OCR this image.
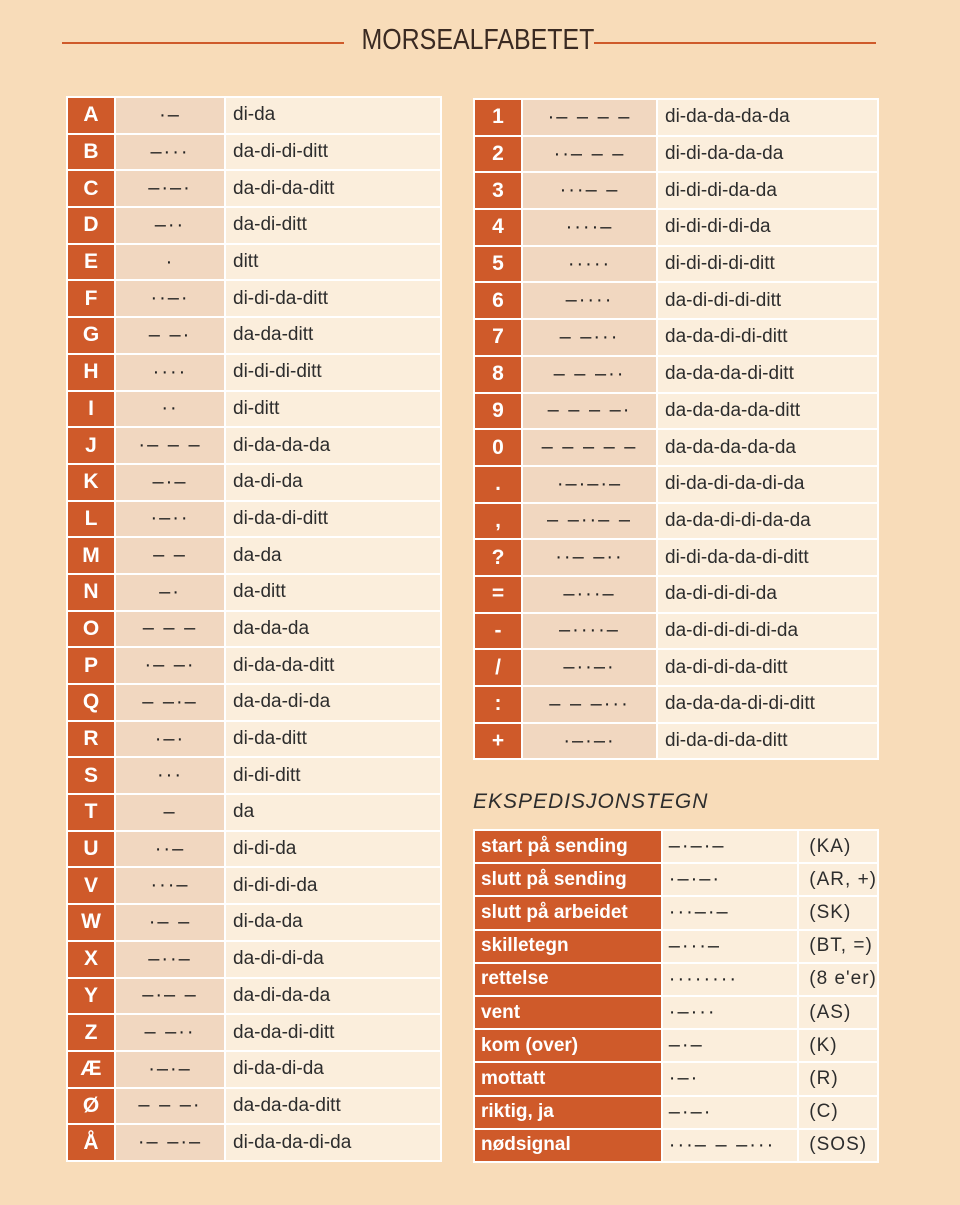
MORSEALFABETET
A	·–	di-da
B	–···	da-di-di-ditt
C	–·–·	da-di-da-ditt
D	–··	da-di-ditt
E	·	ditt
F	··–·	di-di-da-ditt
G	– –·	da-da-ditt
H	····	di-di-di-ditt
I	··	di-ditt
J	·– – –	di-da-da-da
K	–·–	da-di-da
L	·–··	di-da-di-ditt
M	– –	da-da
N	–·	da-ditt
O	– – –	da-da-da
P	·– –·	di-da-da-ditt
Q	– –·–	da-da-di-da
R	·–·	di-da-ditt
S	···	di-di-ditt
T	–	da
U	··–	di-di-da
V	···–	di-di-di-da
W	·– –	di-da-da
X	–··–	da-di-di-da
Y	–·– –	da-di-da-da
Z	– –··	da-da-di-ditt
Æ	·–·–	di-da-di-da
Ø	– – –·	da-da-da-ditt
Å	·– –·–	di-da-da-di-da
1	·– – – –	di-da-da-da-da
2	··– – –	di-di-da-da-da
3	···– –	di-di-di-da-da
4	····–	di-di-di-di-da
5	·····	di-di-di-di-ditt
6	–····	da-di-di-di-ditt
7	– –···	da-da-di-di-ditt
8	– – –··	da-da-da-di-ditt
9	– – – –·	da-da-da-da-ditt
0	– – – – –	da-da-da-da-da
.	·–·–·–	di-da-di-da-di-da
,	– –··– –	da-da-di-di-da-da
?	··– –··	di-di-da-da-di-ditt
=	–···–	da-di-di-di-da
-	–····–	da-di-di-di-di-da
/	–··–·	da-di-di-da-ditt
:	– – –···	da-da-da-di-di-ditt
+	·–·–·	di-da-di-da-ditt
EKSPEDISJONSTEGN
start på sending	–·–·–	(KA)
slutt på sending	·–·–·	(AR, +)
slutt på arbeidet	···–·–	(SK)
skilletegn	–···–	(BT, =)
rettelse	········	(8 e'er)
vent	·–···	(AS)
kom (over)	–·–	(K)
mottatt	·–·	(R)
riktig, ja	–·–·	(C)
nødsignal	···– – –···	(SOS)
